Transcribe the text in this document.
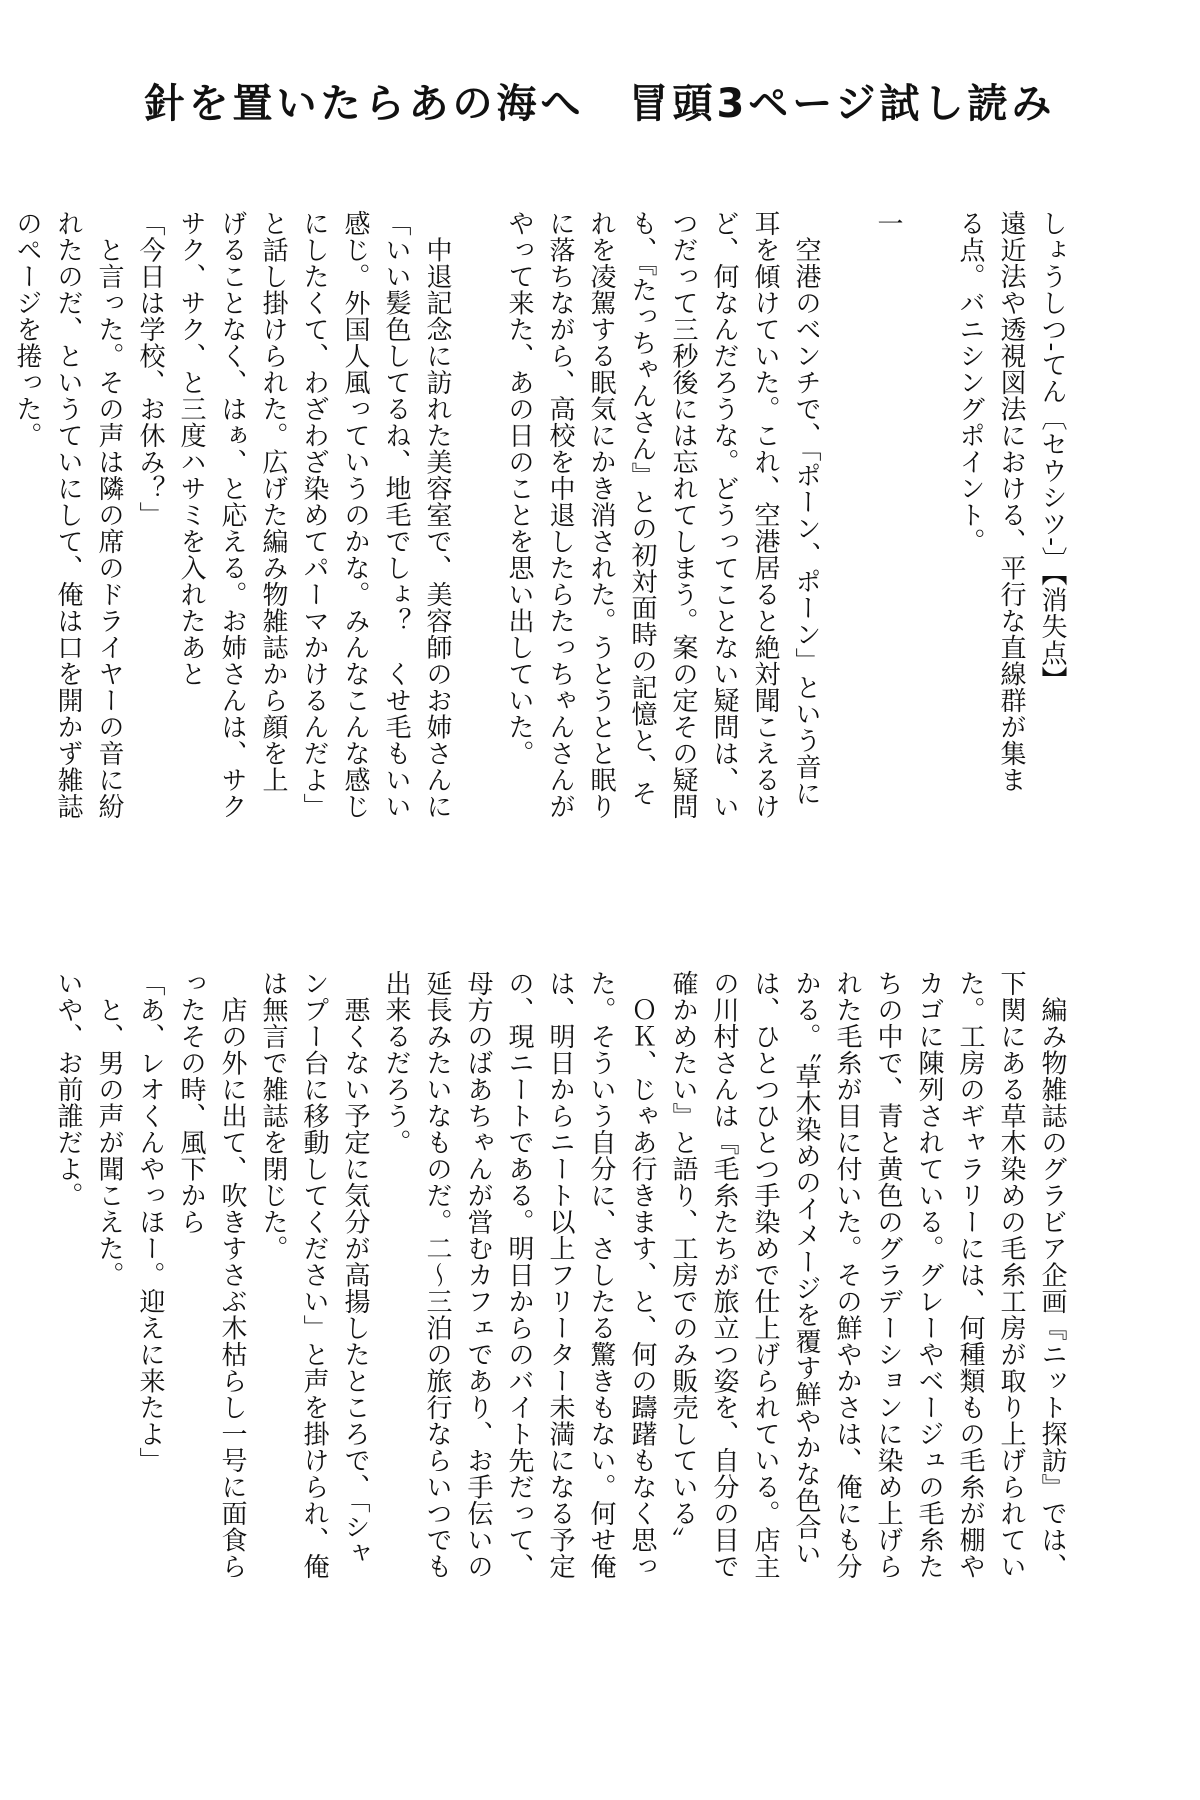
針を置いたらあの海へ　冒頭3ページ試し読み

しょうしつ‐てん〔セウシツ‐〕【消失点】

遠近法や透視図法における、平行な直線群が集ま

る点。バニシングポイント。

一

　空港のベンチで、「ポーン、ポーン」という音に

耳を傾けていた。これ、空港居ると絶対聞こえるけ

ど、何なんだろうな。どうってことない疑問は、い

つだって三秒後には忘れてしまう。案の定その疑問

も、『たっちゃんさん』との初対面時の記憶と、そ

れを凌駕する眠気にかき消された。うとうとと眠り

に落ちながら、高校を中退したらたっちゃんさんが

やって来た、あの日のことを思い出していた。

　中退記念に訪れた美容室で、美容師のお姉さんに

「いい髪色してるね、地毛でしょ？　くせ毛もいい

感じ。外国人風っていうのかな。みんなこんな感じ

にしたくて、わざわざ染めてパーマかけるんだよ」

と話し掛けられた。広げた編み物雑誌から顔を上

げることなく、はぁ、と応える。お姉さんは、サク

サク、サク、と三度ハサミを入れたあと

「今日は学校、お休み？」

　と言った。その声は隣の席のドライヤーの音に紛

れたのだ、というていにして、俺は口を開かず雑誌

のページを捲った。

　編み物雑誌のグラビア企画『ニット探訪』では、

下関にある草木染めの毛糸工房が取り上げられてい

た。工房のギャラリーには、何種類もの毛糸が棚や

カゴに陳列されている。グレーやベージュの毛糸た

ちの中で、青と黄色のグラデーションに染め上げら

れた毛糸が目に付いた。その鮮やかさは、俺にも分

かる。〝草木染めのイメージを覆す鮮やかな色合い

は、ひとつひとつ手染めで仕上げられている。店主

の川村さんは『毛糸たちが旅立つ姿を、自分の目で

確かめたい』と語り、工房でのみ販売している〟

　ＯＫ、じゃあ行きます、と、何の躊躇もなく思っ

た。そういう自分に、さしたる驚きもない。何せ俺

は、明日からニート以上フリーター未満になる予定

の、現ニートである。明日からのバイト先だって、

母方のばあちゃんが営むカフェであり、お手伝いの

延長みたいなものだ。二～三泊の旅行ならいつでも

出来るだろう。

　悪くない予定に気分が高揚したところで、「シャ

ンプー台に移動してください」と声を掛けられ、俺

は無言で雑誌を閉じた。

　店の外に出て、吹きすさぶ木枯らし一号に面食ら

ったその時、風下から

「あ、レオくんやっほー。迎えに来たよ」

　と、男の声が聞こえた。

いや、お前誰だよ。
